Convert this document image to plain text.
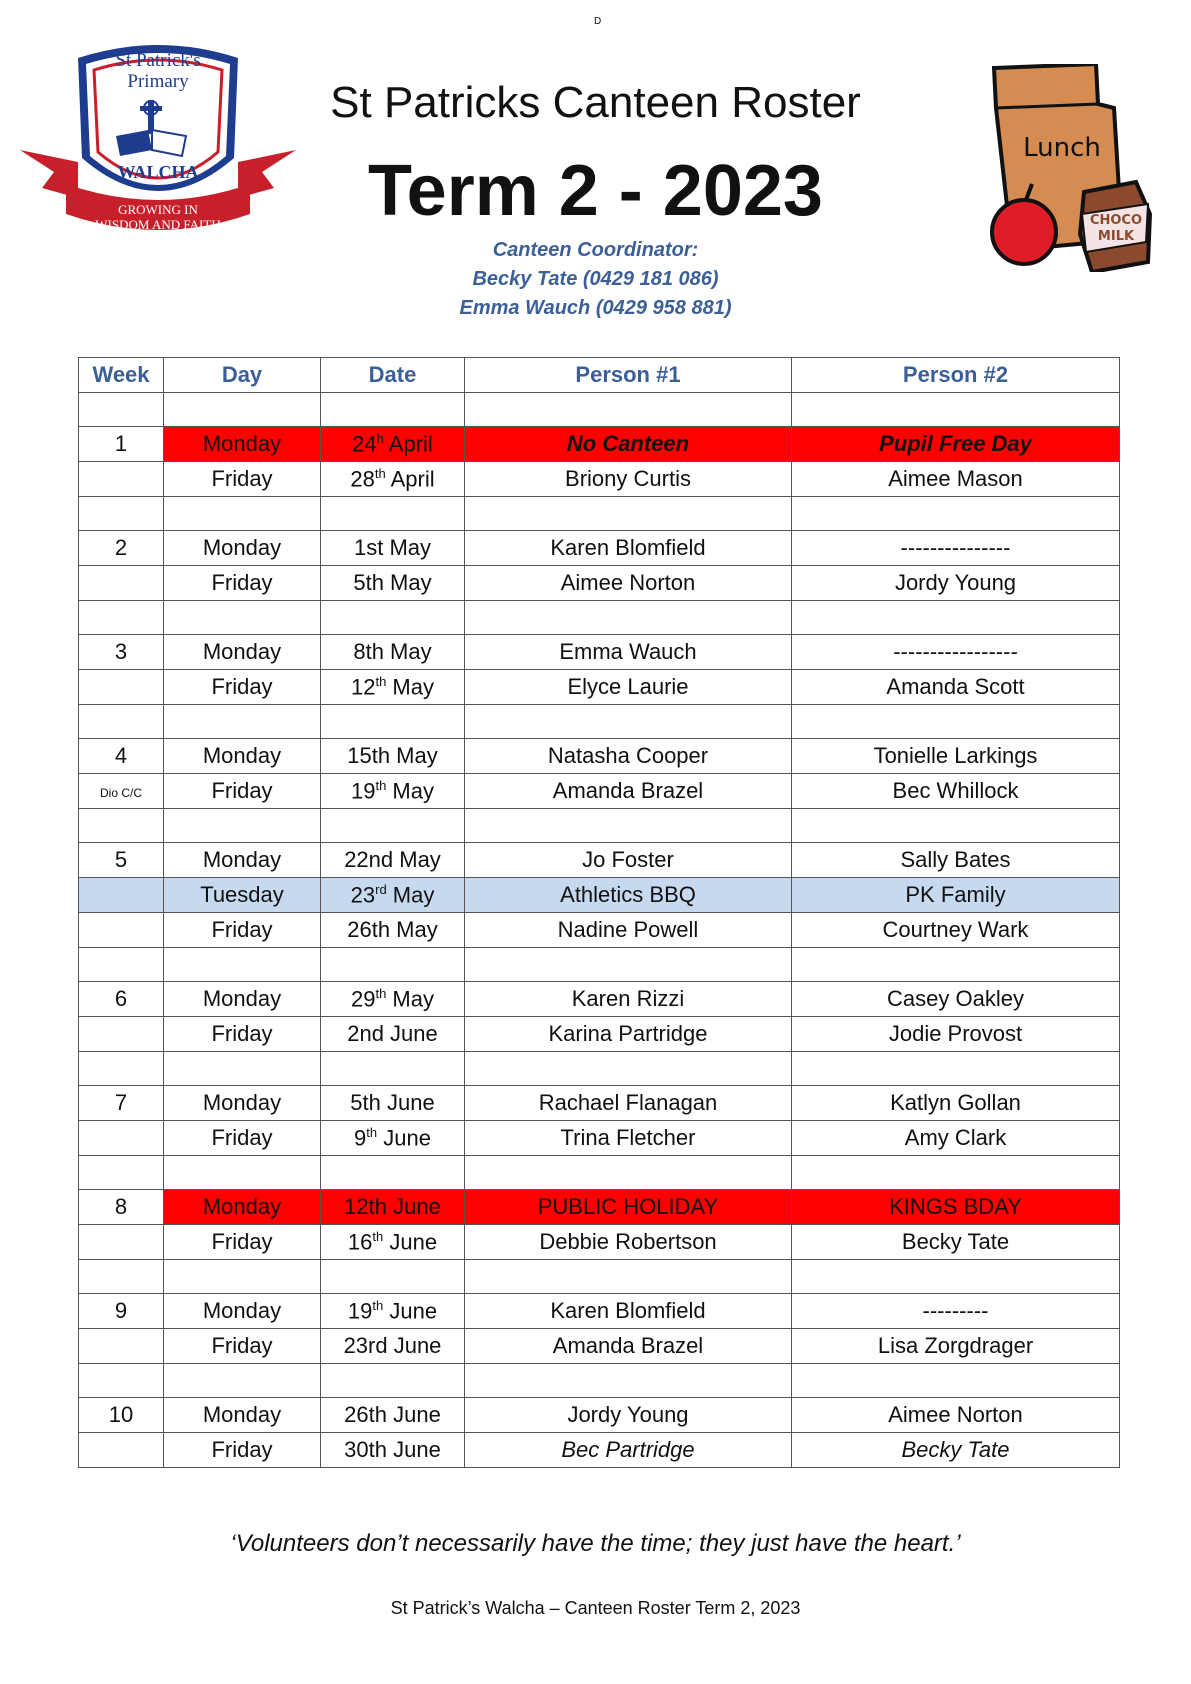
D
St Patrick's
Primary
WALCHA
GROWING IN
WISDOM AND FAITH
Lunch
CHOCO
MILK
St Patricks Canteen Roster
Term 2 - 2023
Canteen Coordinator:
Becky Tate (0429 181 086)
Emma Wauch (0429 958 881)
Week	Day	Date	Person #1	Person #2

1	Monday	24$^h$ April	No Canteen	Pupil Free Day

	Friday	28th April	Briony Curtis	Aimee Mason

2	Monday	1st May	Karen Blomfield	---------------

	Friday	5th May	Aimee Norton	Jordy Young

3	Monday	8th May	Emma Wauch	-----------------

	Friday	12th May	Elyce Laurie	Amanda Scott

4	Monday	15th May	Natasha Cooper	Tonielle Larkings

Dio C/C	Friday	19th May	Amanda Brazel	Bec Whillock

5	Monday	22nd May	Jo Foster	Sally Bates

	Tuesday	23rd May	Athletics BBQ	PK Family

	Friday	26th May	Nadine Powell	Courtney Wark

6	Monday	29th May	Karen Rizzi	Casey Oakley

	Friday	2nd June	Karina Partridge	Jodie Provost

7	Monday	5th June	Rachael Flanagan	Katlyn Gollan

	Friday	9th June	Trina Fletcher	Amy Clark

8	Monday	12th June	PUBLIC HOLIDAY	KINGS BDAY

	Friday	16th June	Debbie Robertson	Becky Tate

9	Monday	19th June	Karen Blomfield	---------

	Friday	23rd June	Amanda Brazel	Lisa Zorgdrager

10	Monday	26th June	Jordy Young	Aimee Norton

	Friday	30th June	Bec Partridge	Becky Tate
‘Volunteers don’t necessarily have the time; they just have the heart.’
St Patrick’s Walcha – Canteen Roster Term 2, 2023
